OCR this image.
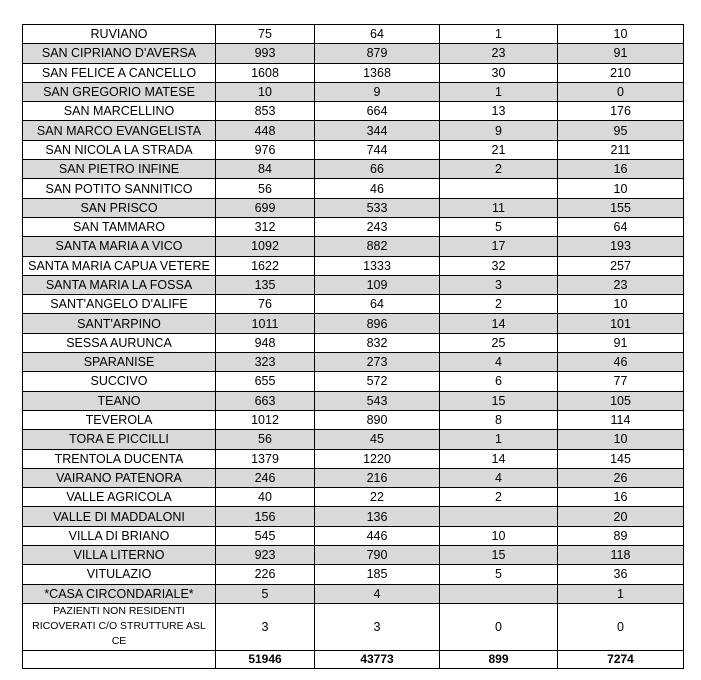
RUVIANO	75	64	1	10
SAN CIPRIANO D'AVERSA	993	879	23	91
SAN FELICE A CANCELLO	1608	1368	30	210
SAN GREGORIO MATESE	10	9	1	0
SAN MARCELLINO	853	664	13	176
SAN MARCO EVANGELISTA	448	344	9	95
SAN NICOLA LA STRADA	976	744	21	211
SAN PIETRO INFINE	84	66	2	16
SAN POTITO SANNITICO	56	46		10
SAN PRISCO	699	533	11	155
SAN TAMMARO	312	243	5	64
SANTA MARIA A VICO	1092	882	17	193
SANTA MARIA CAPUA VETERE	1622	1333	32	257
SANTA MARIA LA FOSSA	135	109	3	23
SANT'ANGELO D'ALIFE	76	64	2	10
SANT'ARPINO	1011	896	14	101
SESSA AURUNCA	948	832	25	91
SPARANISE	323	273	4	46
SUCCIVO	655	572	6	77
TEANO	663	543	15	105
TEVEROLA	1012	890	8	114
TORA E PICCILLI	56	45	1	10
TRENTOLA DUCENTA	1379	1220	14	145
VAIRANO PATENORA	246	216	4	26
VALLE AGRICOLA	40	22	2	16
VALLE DI MADDALONI	156	136		20
VILLA DI BRIANO	545	446	10	89
VILLA LITERNO	923	790	15	118
VITULAZIO	226	185	5	36
*CASA CIRCONDARIALE*	5	4		1
PAZIENTI NON RESIDENTI RICOVERATI C/O STRUTTURE ASL CE	3	3	0	0
	51946	43773	899	7274
